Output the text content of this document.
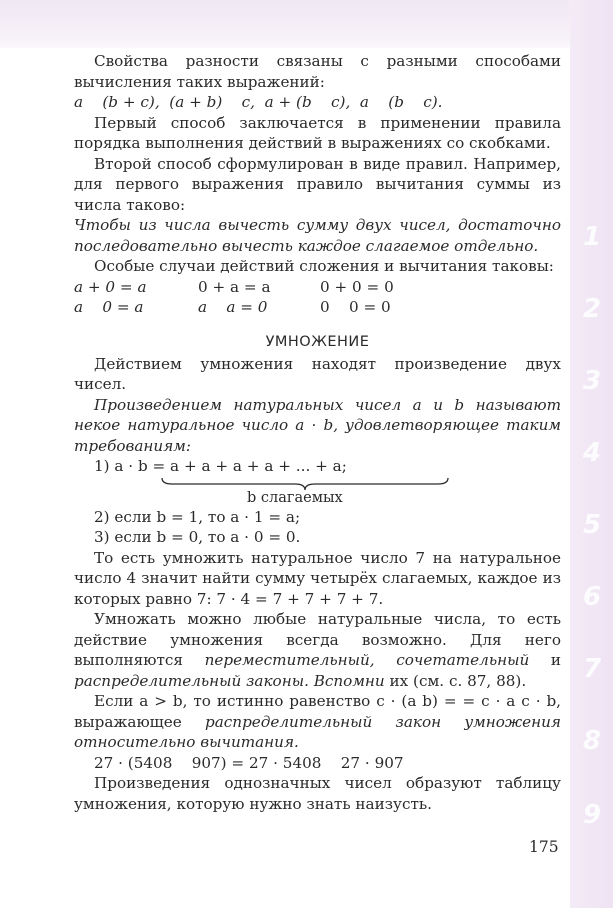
1
2
3
4
5
6
7
8
9

Свойства разности связаны с разными способами вычисления таких выражений:

a    (b + c),  (a + b)    c,  a + (b    c),  a    (b    c).

Первый способ заключается в применении правила порядка выполнения действий в выражениях со скобками.

Второй способ сформулирован в виде правил. Например, для первого выражения правило вычитания суммы из числа таково:

Чтобы из числа вычесть сумму двух чисел, достаточно последовательно вычесть каждое слагаемое отдельно.

Особые случаи действий сложения и вычитания таковы:

a + 0 = a	0 + a = a	0 + 0 = 0
a    0 = a	a    a = 0	0    0 = 0
УМНОЖЕНИЕ

Действием умножения находят произведение двух чисел.

Произведением натуральных чисел a и b называют некое натуральное число a · b, удовлетворяющее таким требованиям:

1) a · b = a + a + a + a + ... + a;

b слагаемых

2) если b = 1, то a · 1 = a;

3) если b = 0, то a · 0 = 0.

То есть умножить натуральное число 7 на натуральное число 4 значит найти сумму четырёх слагаемых, каждое из которых равно 7: 7 · 4 = 7 + 7 + 7 + 7.

Умножать можно любые натуральные числа, то есть действие умножения всегда возможно. Для него выполняются переместительный, сочетательный и распределительный законы. Вспомни их (см. с. 87, 88).

Если a > b, то истинно равенство c · (a b) = = c · a c · b, выражающее распределительный закон умножения относительно вычитания.

27 · (5408    907) = 27 · 5408    27 · 907

Произведения однозначных чисел образуют таблицу умножения, которую нужно знать наизусть.

175
